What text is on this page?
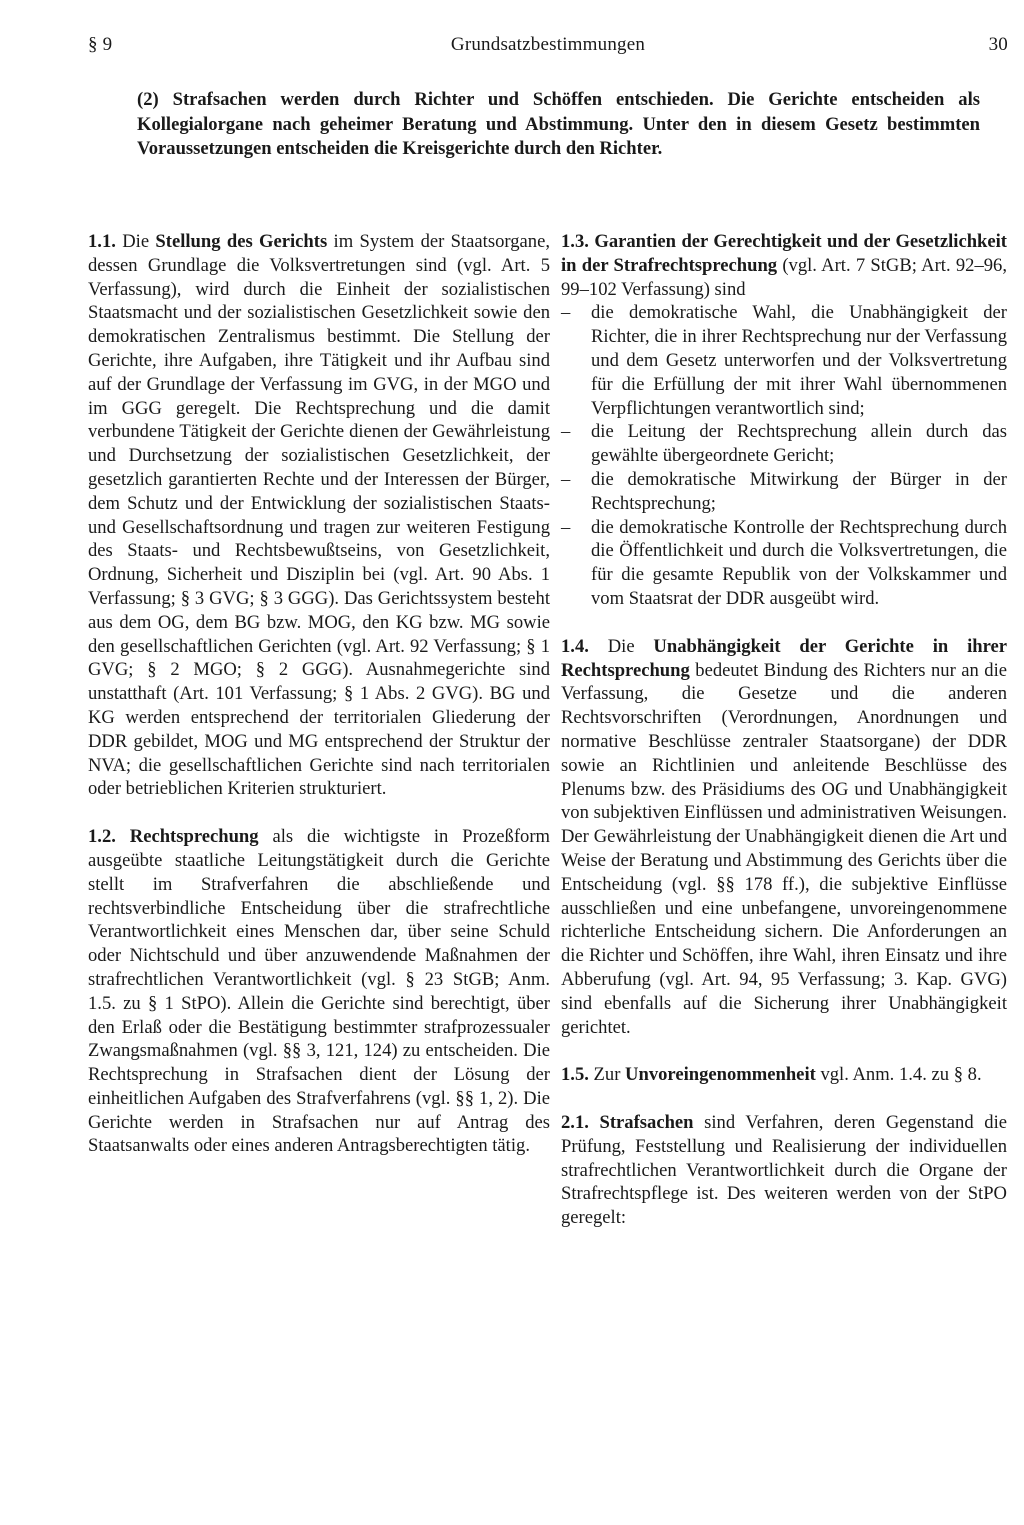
§ 9	Grundsatzbestimmungen	30
(2) Strafsachen werden durch Richter und Schöffen entschieden. Die Gerichte entscheiden als Kollegialorgane nach geheimer Beratung und Abstimmung. Unter den in diesem Gesetz bestimmten Voraussetzungen entscheiden die Kreisgerichte durch den Richter.

1.1. Die Stellung des Gerichts im System der Staatsorgane, dessen Grundlage die Volksvertretungen sind (vgl. Art. 5 Verfassung), wird durch die Einheit der sozialistischen Staatsmacht und der sozialistischen Gesetzlichkeit sowie den demokratischen Zentralismus bestimmt. Die Stellung der Gerichte, ihre Aufgaben, ihre Tätigkeit und ihr Aufbau sind auf der Grundlage der Verfassung im GVG, in der MGO und im GGG geregelt. Die Rechtsprechung und die damit verbundene Tätigkeit der Gerichte dienen der Gewährleistung und Durchsetzung der sozialistischen Gesetzlichkeit, der gesetzlich garantierten Rechte und der Interessen der Bürger, dem Schutz und der Entwicklung der sozialistischen Staats- und Gesellschaftsordnung und tragen zur weiteren Festigung des Staats- und Rechtsbewußtseins, von Gesetzlichkeit, Ordnung, Sicherheit und Disziplin bei (vgl. Art. 90 Abs. 1 Verfassung; § 3 GVG; § 3 GGG). Das Gerichtssystem besteht aus dem OG, dem BG bzw. MOG, den KG bzw. MG sowie den gesellschaftlichen Gerichten (vgl. Art. 92 Verfassung; § 1 GVG; § 2 MGO; § 2 GGG). Ausnahmegerichte sind unstatthaft (Art. 101 Verfassung; § 1 Abs. 2 GVG). BG und KG werden entsprechend der territorialen Gliederung der DDR gebildet, MOG und MG entsprechend der Struktur der NVA; die gesellschaftlichen Gerichte sind nach territorialen oder betrieblichen Kriterien strukturiert.

1.2. Rechtsprechung als die wichtigste in Prozeßform ausgeübte staatliche Leitungstätigkeit durch die Gerichte stellt im Strafverfahren die abschließende und rechtsverbindliche Entscheidung über die strafrechtliche Verantwortlichkeit eines Menschen dar, über seine Schuld oder Nichtschuld und über anzuwendende Maßnahmen der strafrechtlichen Verantwortlichkeit (vgl. § 23 StGB; Anm. 1.5. zu § 1 StPO). Allein die Gerichte sind berechtigt, über den Erlaß oder die Bestätigung bestimmter strafprozessualer Zwangsmaßnahmen (vgl. §§ 3, 121, 124) zu entscheiden. Die Rechtsprechung in Strafsachen dient der Lösung der einheitlichen Aufgaben des Strafverfahrens (vgl. §§ 1, 2). Die Gerichte werden in Strafsachen nur auf Antrag des Staatsanwalts oder eines anderen Antragsberechtigten tätig.

1.3. Garantien der Gerechtigkeit und der Gesetzlichkeit in der Strafrechtsprechung (vgl. Art. 7 StGB; Art. 92–96, 99–102 Verfassung) sind

– die demokratische Wahl, die Unabhängigkeit der Richter, die in ihrer Rechtsprechung nur der Verfassung und dem Gesetz unterworfen und der Volksvertretung für die Erfüllung der mit ihrer Wahl übernommenen Verpflichtungen verantwortlich sind;
– die Leitung der Rechtsprechung allein durch das gewählte übergeordnete Gericht;
– die demokratische Mitwirkung der Bürger in der Rechtsprechung;
– die demokratische Kontrolle der Rechtsprechung durch die Öffentlichkeit und durch die Volksvertretungen, die für die gesamte Republik von der Volkskammer und vom Staatsrat der DDR ausgeübt wird.

1.4. Die Unabhängigkeit der Gerichte in ihrer Rechtsprechung bedeutet Bindung des Richters nur an die Verfassung, die Gesetze und die anderen Rechtsvorschriften (Verordnungen, Anordnungen und normative Beschlüsse zentraler Staatsorgane) der DDR sowie an Richtlinien und anleitende Beschlüsse des Plenums bzw. des Präsidiums des OG und Unabhängigkeit von subjektiven Einflüssen und administrativen Weisungen. Der Gewährleistung der Unabhängigkeit dienen die Art und Weise der Beratung und Abstimmung des Gerichts über die Entscheidung (vgl. §§ 178 ff.), die subjektive Einflüsse ausschließen und eine unbefangene, unvoreingenommene richterliche Entscheidung sichern. Die Anforderungen an die Richter und Schöffen, ihre Wahl, ihren Einsatz und ihre Abberufung (vgl. Art. 94, 95 Verfassung; 3. Kap. GVG) sind ebenfalls auf die Sicherung ihrer Unabhängigkeit gerichtet.

1.5. Zur Unvoreingenommenheit vgl. Anm. 1.4. zu § 8.

2.1. Strafsachen sind Verfahren, deren Gegenstand die Prüfung, Feststellung und Realisierung der individuellen strafrechtlichen Verantwortlichkeit durch die Organe der Strafrechtspflege ist. Des weiteren werden von der StPO geregelt:
